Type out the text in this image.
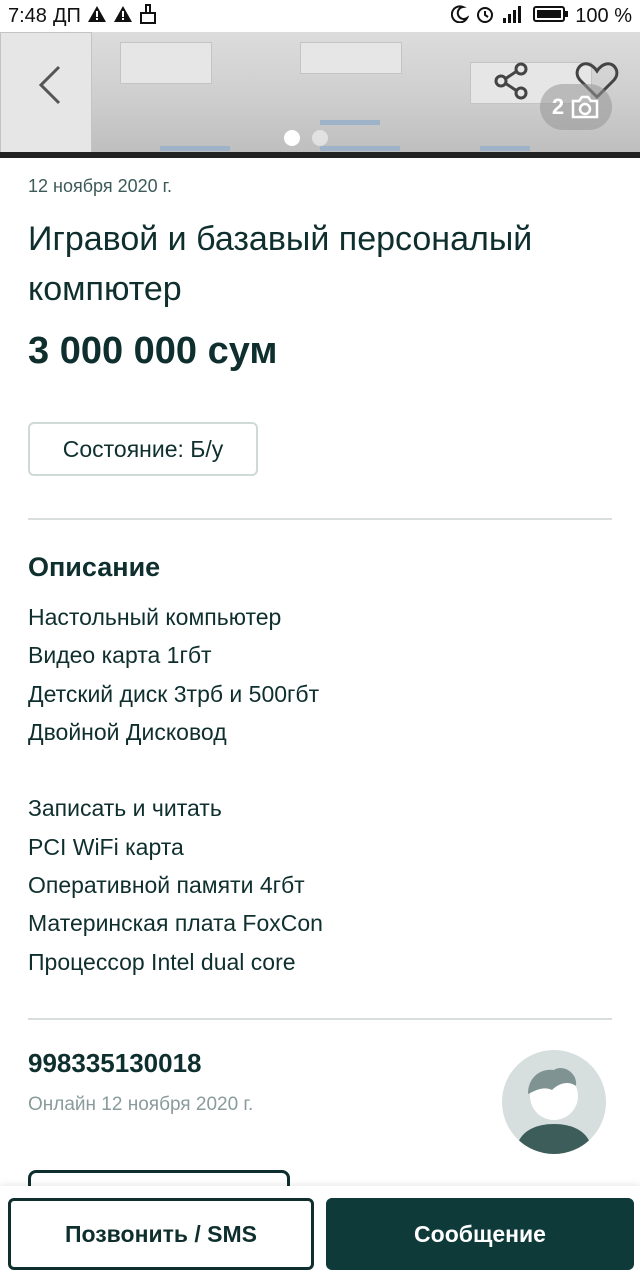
7:48 ДП	100 %
2
12 ноября 2020 г.
Игравой и базавый персоналый компютер
3 000 000 сум
Состояние: Б/у
Описание
Настольный компьютер
Видео карта 1гбт
Детский диск 3трб и 500гбт
Двойной Дисковод
Записать и читать
PCI WiFi карта
Оперативной памяти 4гбт
Материнская плата FoxCon
Процессор Intel dual core
998335130018
Онлайн 12 ноября 2020 г.
Позвонить / SMS	Сообщение
